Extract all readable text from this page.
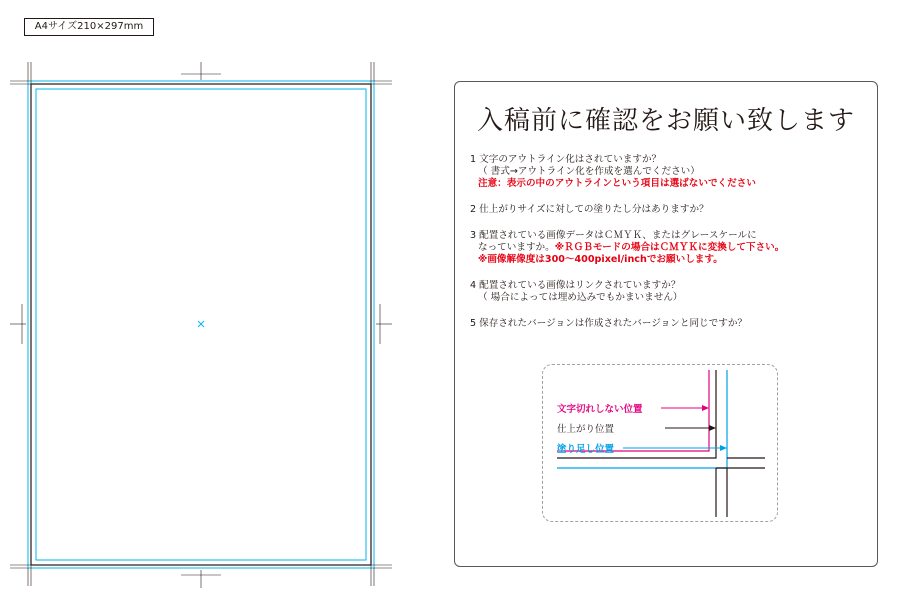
A4サイズ210×297mm
入稿前に確認をお願い致します
1 文字のアウトライン化はされていますか？
（ 書式→アウトライン化を作成を選んでください）
注意：表示の中のアウトラインという項目は選ばないでください
2 仕上がりサイズに対しての塗りたし分はありますか？
3 配置されている画像データはＣＭＹＫ、またはグレースケールに
なっていますか。※ＲＧＢモードの場合はＣＭＹＫに変換して下さい。
※画像解像度は300～400pixel/inchでお願いします。
4 配置されている画像はリンクされていますか？
（ 場合によっては埋め込みでもかまいません）
5 保存されたバージョンは作成されたバージョンと同じですか？
文字切れしない位置
仕上がり位置
塗り足し位置
